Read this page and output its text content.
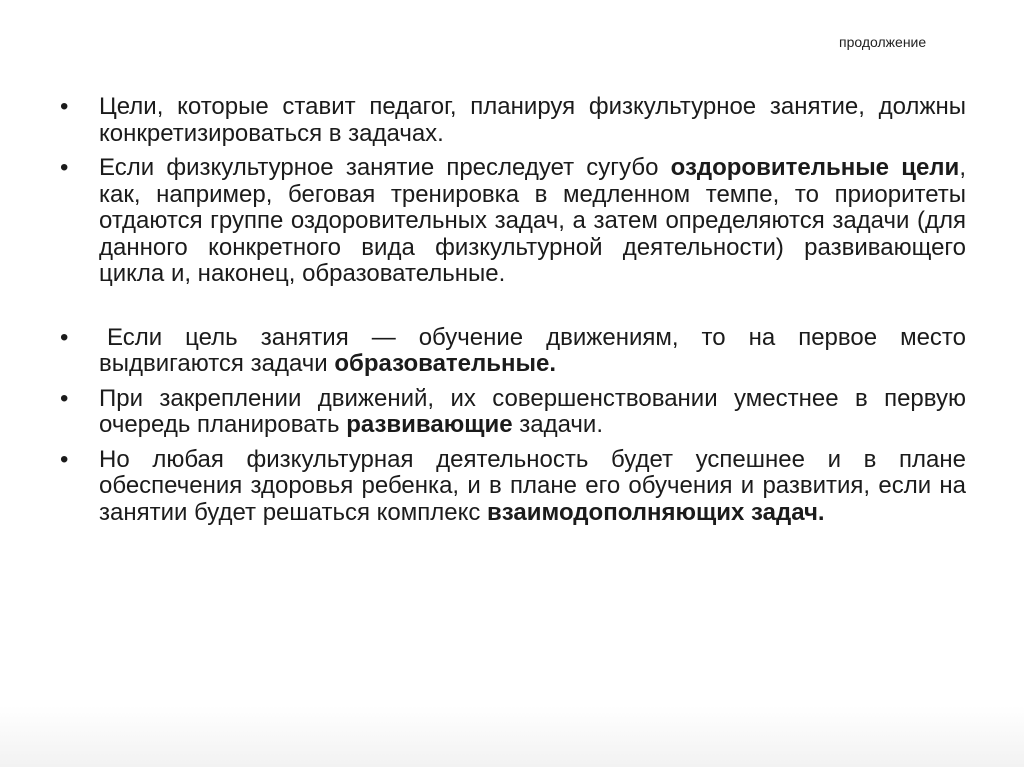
продолжение
•	Цели, которые ставит педагог, планируя физкультурное занятие, должны конкретизироваться в задачах.
•	Если физкультурное занятие преследует сугубо оздоровительные цели, как, например, беговая тренировка в медленном темпе, то приоритеты отдаются группе оздоровительных задач, а затем определяются задачи (для данного конкретного вида физкультурной деятельности) развивающего цикла и, наконец, образовательные.
•	Если цель занятия — обучение движениям, то на первое место выдвигаются задачи образовательные.
•	При закреплении движений, их совершенствовании уместнее в первую очередь планировать развивающие задачи.
•	Но любая физкультурная деятельность будет успешнее и в плане обеспечения здоровья ребенка, и в плане его обучения и развития, если на занятии будет решаться комплекс взаимодополняющих задач.
